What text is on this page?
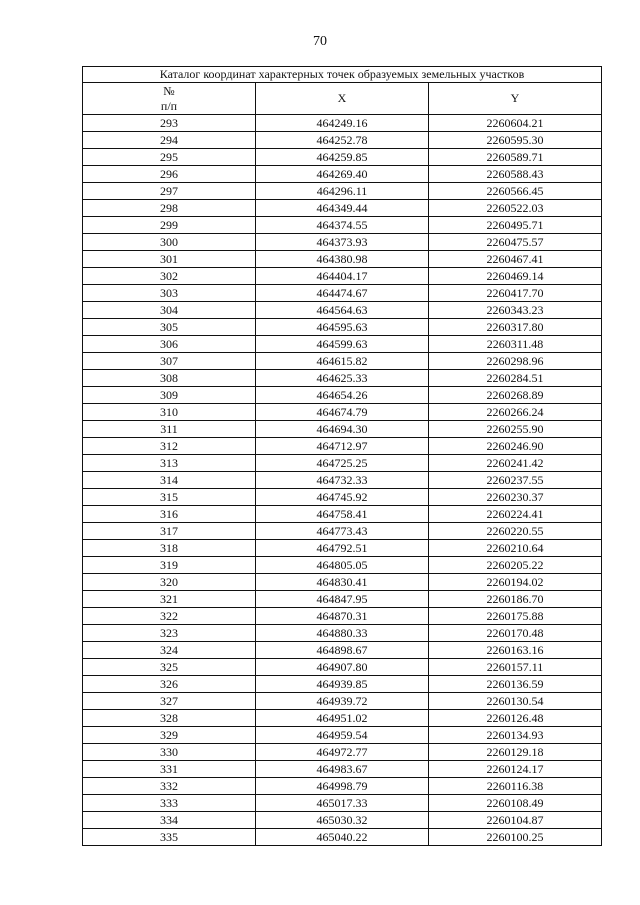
70
Каталог координат характерных точек образуемых земельных участков		

№
п/п	X	Y
293	464249.16	2260604.21
294	464252.78	2260595.30
295	464259.85	2260589.71
296	464269.40	2260588.43
297	464296.11	2260566.45
298	464349.44	2260522.03
299	464374.55	2260495.71
300	464373.93	2260475.57
301	464380.98	2260467.41
302	464404.17	2260469.14
303	464474.67	2260417.70
304	464564.63	2260343.23
305	464595.63	2260317.80
306	464599.63	2260311.48
307	464615.82	2260298.96
308	464625.33	2260284.51
309	464654.26	2260268.89
310	464674.79	2260266.24
311	464694.30	2260255.90
312	464712.97	2260246.90
313	464725.25	2260241.42
314	464732.33	2260237.55
315	464745.92	2260230.37
316	464758.41	2260224.41
317	464773.43	2260220.55
318	464792.51	2260210.64
319	464805.05	2260205.22
320	464830.41	2260194.02
321	464847.95	2260186.70
322	464870.31	2260175.88
323	464880.33	2260170.48
324	464898.67	2260163.16
325	464907.80	2260157.11
326	464939.85	2260136.59
327	464939.72	2260130.54
328	464951.02	2260126.48
329	464959.54	2260134.93
330	464972.77	2260129.18
331	464983.67	2260124.17
332	464998.79	2260116.38
333	465017.33	2260108.49
334	465030.32	2260104.87
335	465040.22	2260100.25
